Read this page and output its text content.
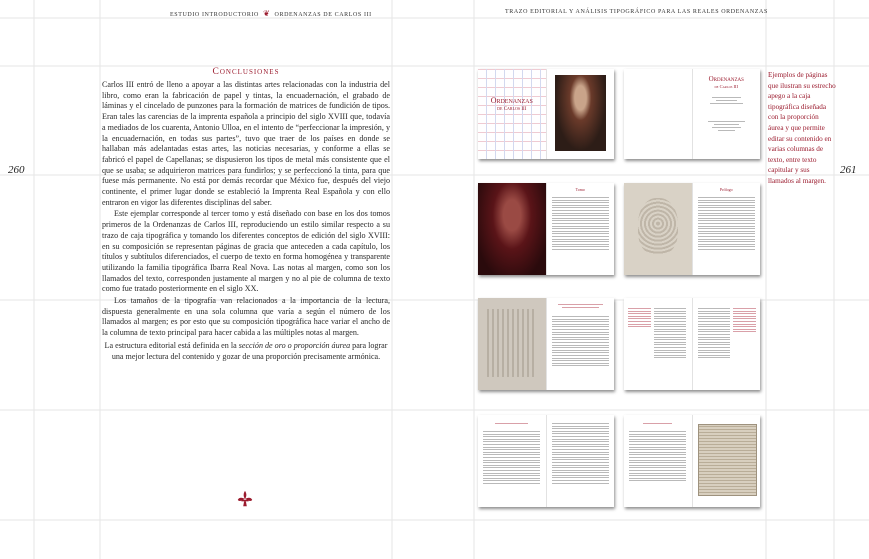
ESTUDIO INTRODUCTORIO ❦ ORDENANZAS DE CARLOS III	TRAZO EDITORIAL Y ANÁLISIS TIPOGRÁFICO PARA LAS REALES ORDENANZAS
260	261
Conclusiones

Carlos III entró de lleno a apoyar a las distintas artes relacionadas con la industria del libro, como eran la fabricación de papel y tintas, la encuadernación, el grabado de láminas y el cincelado de punzones para la formación de matrices de fundición de tipos. Eran tales las carencias de la imprenta española a principio del siglo XVIII que, todavía a mediados de los cuarenta, Antonio Ulloa, en el intento de “perfeccionar la impresión, y la encuadernación, en todas sus partes”, tuvo que traer de los países en donde se hallaban más adelantadas estas artes, las noticias necesarias, y conforme a ellas se fabricó el papel de Capellanas; se dispusieron los tipos de metal más consistente que el que se usaba; se adquirieron matrices para fundirlos; y se perfeccionó la tinta, para que fuese más permanente. No está por demás recordar que México fue, después del viejo continente, el primer lugar donde se estableció la Imprenta Real Española y con ello entraron en vigor las diferentes disciplinas del saber.

Este ejemplar corresponde al tercer tomo y está diseñado con base en los dos tomos primeros de la Ordenanzas de Carlos III, reproduciendo un estilo similar respecto a su trazo de caja tipográfica y tomando los diferentes conceptos de edición del siglo XVIII: en su composición se representan páginas de gracia que anteceden a cada capítulo, los títulos y subtítulos diferenciados, el cuerpo de texto en forma homogénea y transparente utilizando la familia tipográfica Ibarra Real Nova. Las notas al margen, como son los llamados del texto, corresponden justamente al margen y no al pie de columna de texto como fue tratado posteriormente en el siglo XX.

Los tamaños de la tipografía van relacionados a la importancia de la lectura, dispuesta generalmente en una sola columna que varía a según el número de los llamados al margen; es por esto que su composición tipográfica hace variar el ancho de la columna de texto principal para hacer cabida a las múltiples notas al margen.

La estructura editorial está definida en la sección de oro o proporción áurea para lograr una mejor lectura del contenido y gozar de una proporción precisamente armónica.

Ejemplos de páginas que ilustran su estrecho apego a la caja tipográfica diseñada con la proporción áurea y que permite editar su contenido en varias columnas de texto, entre texto capitular y sus llamados al margen.
Ordenanzas
de Carlos III
Ordenanzas
de Carlos III
Tomo	Prólogo
